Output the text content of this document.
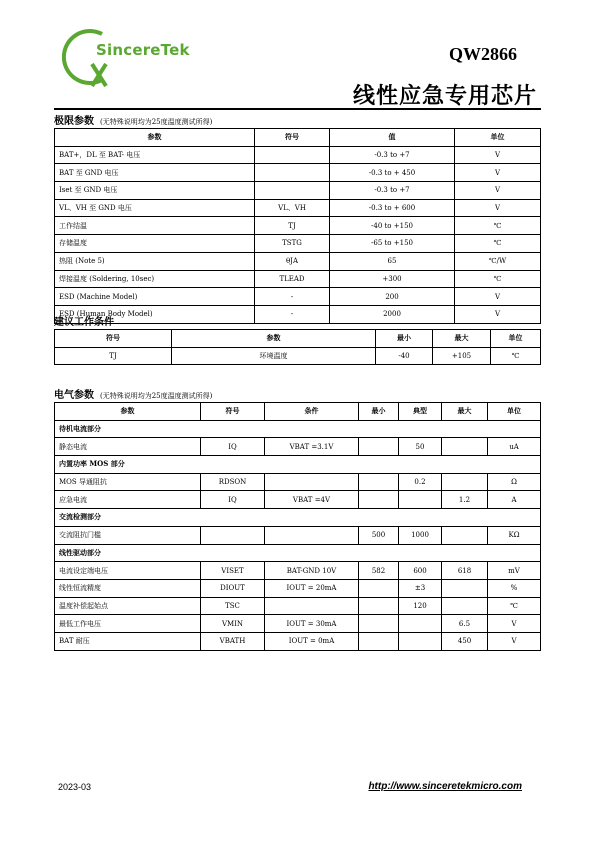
SincereTek	QW2866
线性应急专用芯片
极限参数 (无特殊说明均为25度温度测试所得)
参数	符号	值	单位
BAT+，DL 至 BAT- 电压		-0.3 to +7	V
BAT 至 GND 电压		-0.3 to + 450	V
Iset 至 GND 电压		-0.3 to +7	V
VL、VH 至 GND 电压	VL、VH	-0.3 to + 600	V
工作结温	TJ	-40 to +150	℃
存储温度	TSTG	-65 to +150	℃
热阻 (Note 5)	θJA	65	℃/W
焊接温度 (Soldering, 10sec)	TLEAD	+300	℃
ESD (Machine Model)	-	200	V
ESD (Human Body Model)	-	2000	V
建议工作条件
符号	参数	最小	最大	单位
TJ	环境温度	-40	+105	℃
电气参数 (无特殊说明均为25度温度测试所得)
参数	符号	条件	最小	典型	最大	单位
待机电流部分						
静态电流	IQ	VBAT =3.1V		50		uA
内置功率 MOS 部分						
MOS 导通阻抗	RDSON			0.2		Ω
应急电流	IQ	VBAT =4V			1.2	A
交流检测部分						
交流阻抗门槛			500	1000		KΩ
线性驱动部分						
电流设定端电压	VISET	BAT-GND 10V	582	600	618	mV
线性恒流精度	DIOUT	IOUT = 20mA		±3		%
温度补偿起始点	TSC			120		℃
最低工作电压	VMIN	IOUT = 30mA			6.5	V
BAT 耐压	VBATH	IOUT = 0mA			450	V
2023-03	http://www.sinceretekmicro.com
